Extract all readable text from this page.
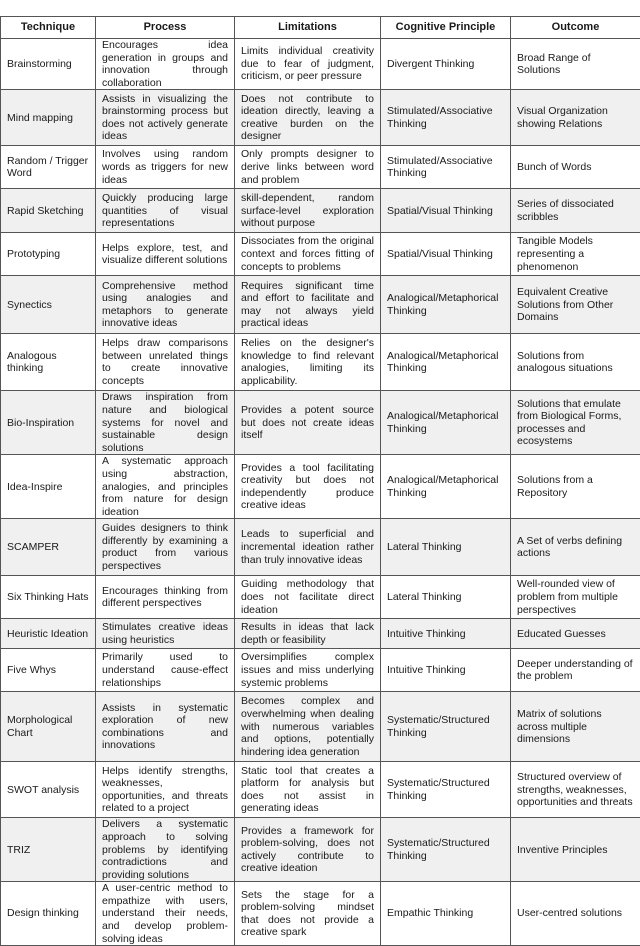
Technique	Process	Limitations	Cognitive Principle	Outcome
Brainstorming	Encourages idea generation in groups and innovation through collaboration	Limits individual creativity due to fear of judgment, criticism, or peer pressure	Divergent Thinking	Broad Range of Solutions
Mind mapping	Assists in visualizing the brainstorming process but does not actively generate ideas	Does not contribute to ideation directly, leaving a creative burden on the designer	Stimulated/Associative Thinking	Visual Organization showing Relations
Random / Trigger Word	Involves using random words as triggers for new ideas	Only prompts designer to derive links between word and problem	Stimulated/Associative Thinking	Bunch of Words
Rapid Sketching	Quickly producing large quantities of visual representations	skill-dependent, random surface-level exploration without purpose	Spatial/Visual Thinking	Series of dissociated scribbles
Prototyping	Helps explore, test, and visualize different solutions	Dissociates from the original context and forces fitting of concepts to problems	Spatial/Visual Thinking	Tangible Models representing a phenomenon
Synectics	Comprehensive method using analogies and metaphors to generate innovative ideas	Requires significant time and effort to facilitate and may not always yield practical ideas	Analogical/Metaphorical Thinking	Equivalent Creative Solutions from Other Domains
Analogous thinking	Helps draw comparisons between unrelated things to create innovative concepts	Relies on the designer's knowledge to find relevant analogies, limiting its applicability.	Analogical/Metaphorical Thinking	Solutions from analogous situations
Bio-Inspiration	Draws inspiration from nature and biological systems for novel and sustainable design solutions	Provides a potent source but does not create ideas itself	Analogical/Metaphorical Thinking	Solutions that emulate from Biological Forms, processes and ecosystems
Idea-Inspire	A systematic approach using abstraction, analogies, and principles from nature for design ideation	Provides a tool facilitating creativity but does not independently produce creative ideas	Analogical/Metaphorical Thinking	Solutions from a Repository
SCAMPER	Guides designers to think differently by examining a product from various perspectives	Leads to superficial and incremental ideation rather than truly innovative ideas	Lateral Thinking	A Set of verbs defining actions
Six Thinking Hats	Encourages thinking from different perspectives	Guiding methodology that does not facilitate direct ideation	Lateral Thinking	Well-rounded view of problem from multiple perspectives
Heuristic Ideation	Stimulates creative ideas using heuristics	Results in ideas that lack depth or feasibility	Intuitive Thinking	Educated Guesses
Five Whys	Primarily used to understand cause-effect relationships	Oversimplifies complex issues and miss underlying systemic problems	Intuitive Thinking	Deeper understanding of the problem
Morphological Chart	Assists in systematic exploration of new combinations and innovations	Becomes complex and overwhelming when dealing with numerous variables and options, potentially hindering idea generation	Systematic/Structured Thinking	Matrix of solutions across multiple dimensions
SWOT analysis	Helps identify strengths, weaknesses, opportunities, and threats related to a project	Static tool that creates a platform for analysis but does not assist in generating ideas	Systematic/Structured Thinking	Structured overview of strengths, weaknesses, opportunities and threats
TRIZ	Delivers a systematic approach to solving problems by identifying contradictions and providing solutions	Provides a framework for problem-solving, does not actively contribute to creative ideation	Systematic/Structured Thinking	Inventive Principles
Design thinking	A user-centric method to empathize with users, understand their needs, and develop problem-solving ideas	Sets the stage for a problem-solving mindset that does not provide a creative spark	Empathic Thinking	User-centred solutions
